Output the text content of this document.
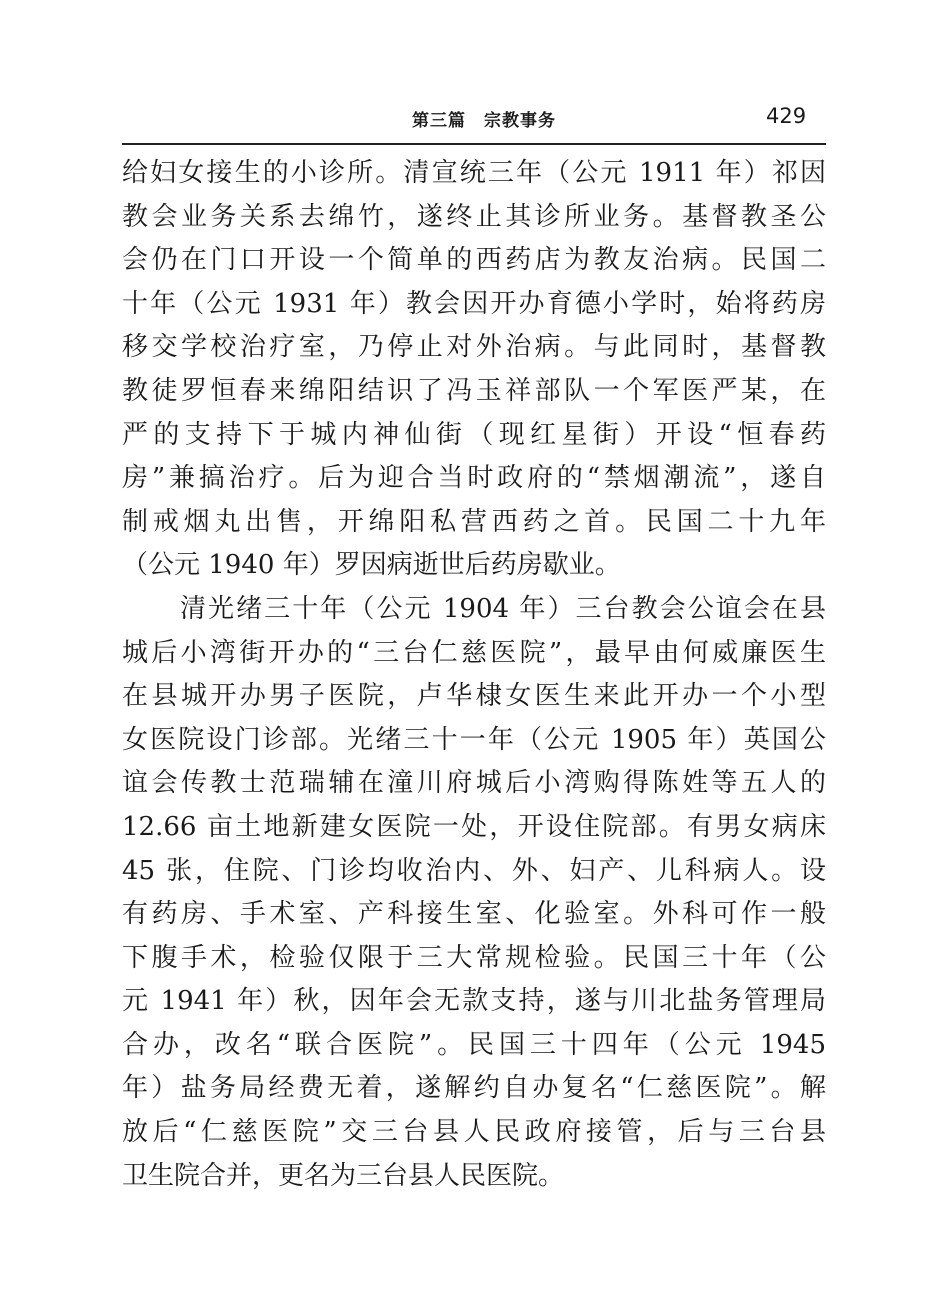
第三篇　宗教事务	429
给妇女接生的小诊所。清宣统三年（公元 1911 年）祁因
教会业务关系去绵竹，遂终止其诊所业务。基督教圣公
会仍在门口开设一个简单的西药店为教友治病。民国二
十年（公元 1931 年）教会因开办育德小学时，始将药房
移交学校治疗室，乃停止对外治病。与此同时，基督教
教徒罗恒春来绵阳结识了冯玉祥部队一个军医严某，在
严的支持下于城内神仙街（现红星街）开设“恒春药
房”兼搞治疗。后为迎合当时政府的“禁烟潮流”，遂自
制戒烟丸出售，开绵阳私营西药之首。民国二十九年
（公元 1940 年）罗因病逝世后药房歇业。
清光绪三十年（公元 1904 年）三台教会公谊会在县
城后小湾街开办的“三台仁慈医院”，最早由何威廉医生
在县城开办男子医院，卢华棣女医生来此开办一个小型
女医院设门诊部。光绪三十一年（公元 1905 年）英国公
谊会传教士范瑞辅在潼川府城后小湾购得陈姓等五人的
12.66 亩土地新建女医院一处，开设住院部。有男女病床
45 张，住院、门诊均收治内、外、妇产、儿科病人。设
有药房、手术室、产科接生室、化验室。外科可作一般
下腹手术，检验仅限于三大常规检验。民国三十年（公
元 1941 年）秋，因年会无款支持，遂与川北盐务管理局
合办，改名“联合医院”。民国三十四年（公元 1945
年）盐务局经费无着，遂解约自办复名“仁慈医院”。解
放后“仁慈医院”交三台县人民政府接管，后与三台县
卫生院合并，更名为三台县人民医院。
